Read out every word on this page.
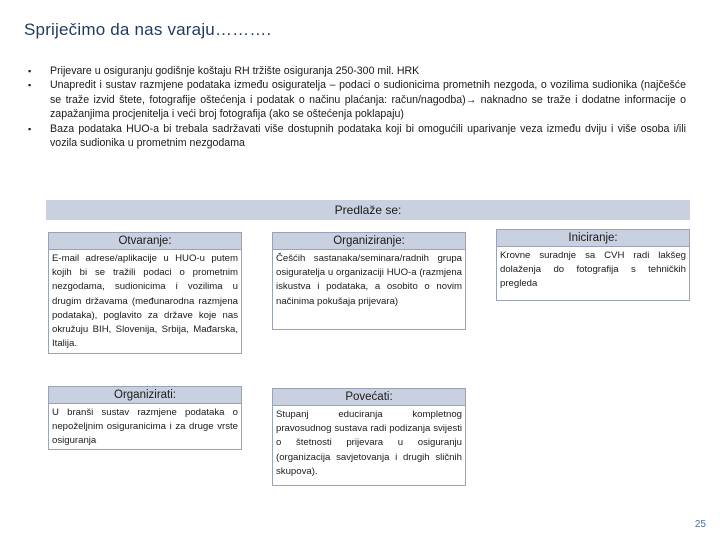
Spriječimo da nas varaju……….
▪ Prijevare u osiguranju godišnje koštaju RH tržište osiguranja 250-300 mil. HRK
▪ Unapredit i sustav razmjene podataka između osiguratelja – podaci o sudionicima prometnih nezgoda, o vozilima sudionika (najčešće se traže izvid štete, fotografije oštećenja i podatak o načinu plaćanja: račun/nagodba)→ naknadno se traže i dodatne informacije o zapažanjima procjenitelja i veći broj fotografija (ako se oštećenja poklapaju)
▪ Baza podataka HUO-a bi trebala sadržavati više dostupnih podataka koji bi omogućili uparivanje veza između dviju i više osoba i/ili vozila sudionika u prometnim nezgodama
Predlaže se:
Otvaranje:
E-mail adrese/aplikacije u HUO-u putem kojih bi se tražili podaci o prometnim nezgodama, sudionicima i vozilima u drugim državama (međunarodna razmjena podataka), poglavito za države koje nas okružuju BIH, Slovenija, Srbija, Mađarska, Italija.
Organiziranje:
Češćih sastanaka/seminara/radnih grupa osiguratelja u organizaciji HUO-a (razmjena iskustva i podataka, a osobito o novim načinima pokušaja prijevara)
Iniciranje:
Krovne suradnje sa CVH radi lakšeg dolaženja do fotografija s tehničkih pregleda
Organizirati:
U branši sustav razmjene podataka o nepoželjnim osiguranicima i za druge vrste osiguranja
Povećati:
Stupanj educiranja kompletnog pravosudnog sustava radi podizanja svijesti o štetnosti prijevara u osiguranju (organizacija savjetovanja i drugih sličnih skupova).
25
